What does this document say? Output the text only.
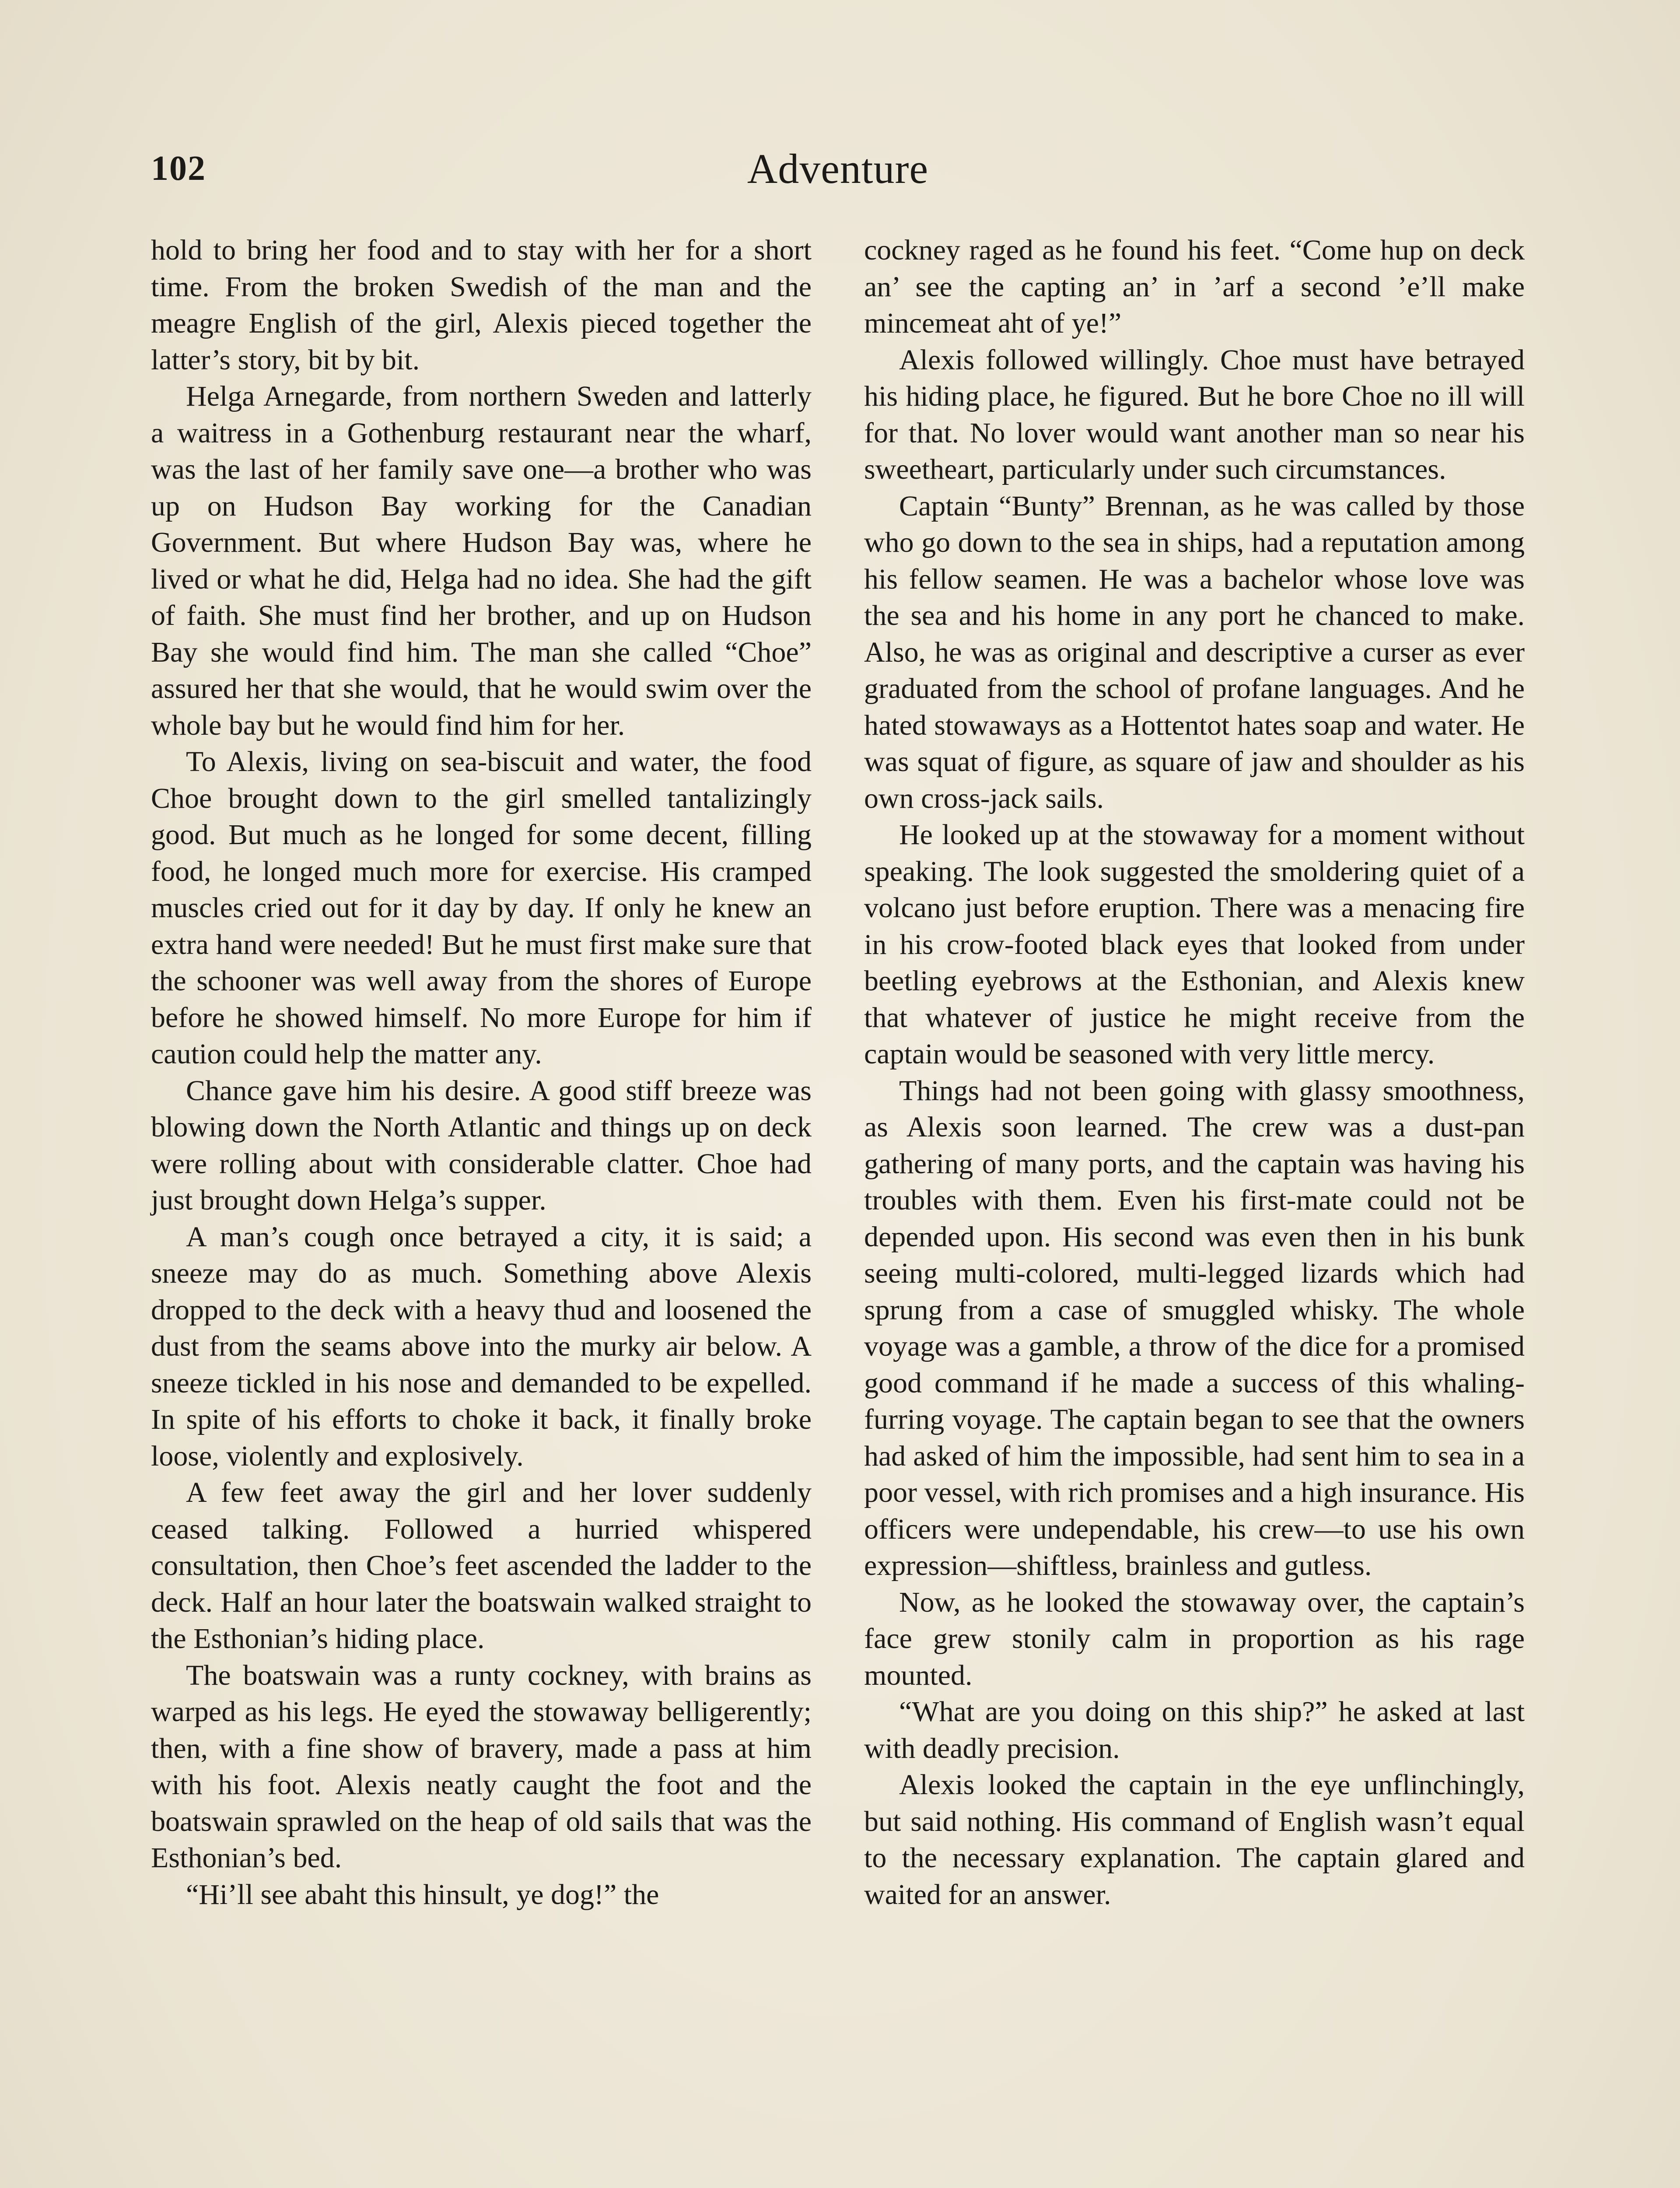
102	Adventure

hold to bring her food and to stay with her for a short time. From the broken Swedish of the man and the meagre English of the girl, Alexis pieced together the latter’s story, bit by bit.

Helga Arnegarde, from northern Sweden and latterly a waitress in a Gothenburg restaurant near the wharf, was the last of her family save one—a brother who was up on Hudson Bay working for the Canadian Government. But where Hudson Bay was, where he lived or what he did, Helga had no idea. She had the gift of faith. She must find her brother, and up on Hudson Bay she would find him. The man she called “Choe” assured her that she would, that he would swim over the whole bay but he would find him for her.

To Alexis, living on sea-biscuit and water, the food Choe brought down to the girl smelled tantalizingly good. But much as he longed for some decent, filling food, he longed much more for exercise. His cramped muscles cried out for it day by day. If only he knew an extra hand were needed! But he must first make sure that the schooner was well away from the shores of Europe before he showed himself. No more Europe for him if caution could help the matter any.

Chance gave him his desire. A good stiff breeze was blowing down the North Atlantic and things up on deck were rolling about with considerable clatter. Choe had just brought down Helga’s supper.

A man’s cough once betrayed a city, it is said; a sneeze may do as much. Something above Alexis dropped to the deck with a heavy thud and loosened the dust from the seams above into the murky air below. A sneeze tickled in his nose and demanded to be expelled. In spite of his efforts to choke it back, it finally broke loose, violently and explosively.

A few feet away the girl and her lover suddenly ceased talking. Followed a hurried whispered consultation, then Choe’s feet ascended the ladder to the deck. Half an hour later the boatswain walked straight to the Esthonian’s hiding place.

The boatswain was a runty cockney, with brains as warped as his legs. He eyed the stowaway belligerently; then, with a fine show of bravery, made a pass at him with his foot. Alexis neatly caught the foot and the boatswain sprawled on the heap of old sails that was the Esthonian’s bed.

“Hi’ll see abaht this hinsult, ye dog!” the

cockney raged as he found his feet. “Come hup on deck an’ see the capting an’ in ’arf a second ’e’ll make mincemeat aht of ye!”

Alexis followed willingly. Choe must have betrayed his hiding place, he figured. But he bore Choe no ill will for that. No lover would want another man so near his sweetheart, particularly under such circumstances.

Captain “Bunty” Brennan, as he was called by those who go down to the sea in ships, had a reputation among his fellow seamen. He was a bachelor whose love was the sea and his home in any port he chanced to make. Also, he was as original and descriptive a curser as ever graduated from the school of profane languages. And he hated stowaways as a Hottentot hates soap and water. He was squat of figure, as square of jaw and shoulder as his own cross-jack sails.

He looked up at the stowaway for a moment without speaking. The look suggested the smoldering quiet of a volcano just before eruption. There was a menacing fire in his crow-footed black eyes that looked from under beetling eyebrows at the Esthonian, and Alexis knew that whatever of justice he might receive from the captain would be seasoned with very little mercy.

Things had not been going with glassy smoothness, as Alexis soon learned. The crew was a dust-pan gathering of many ports, and the captain was having his troubles with them. Even his first-mate could not be depended upon. His second was even then in his bunk seeing multi-colored, multi-legged lizards which had sprung from a case of smuggled whisky. The whole voyage was a gamble, a throw of the dice for a promised good command if he made a success of this whaling-furring voyage. The captain began to see that the owners had asked of him the impossible, had sent him to sea in a poor vessel, with rich promises and a high insurance. His officers were undependable, his crew—to use his own expression—shiftless, brainless and gutless.

Now, as he looked the stowaway over, the captain’s face grew stonily calm in proportion as his rage mounted.

“What are you doing on this ship?” he asked at last with deadly precision.

Alexis looked the captain in the eye unflinchingly, but said nothing. His command of English wasn’t equal to the necessary explanation. The captain glared and waited for an answer.
